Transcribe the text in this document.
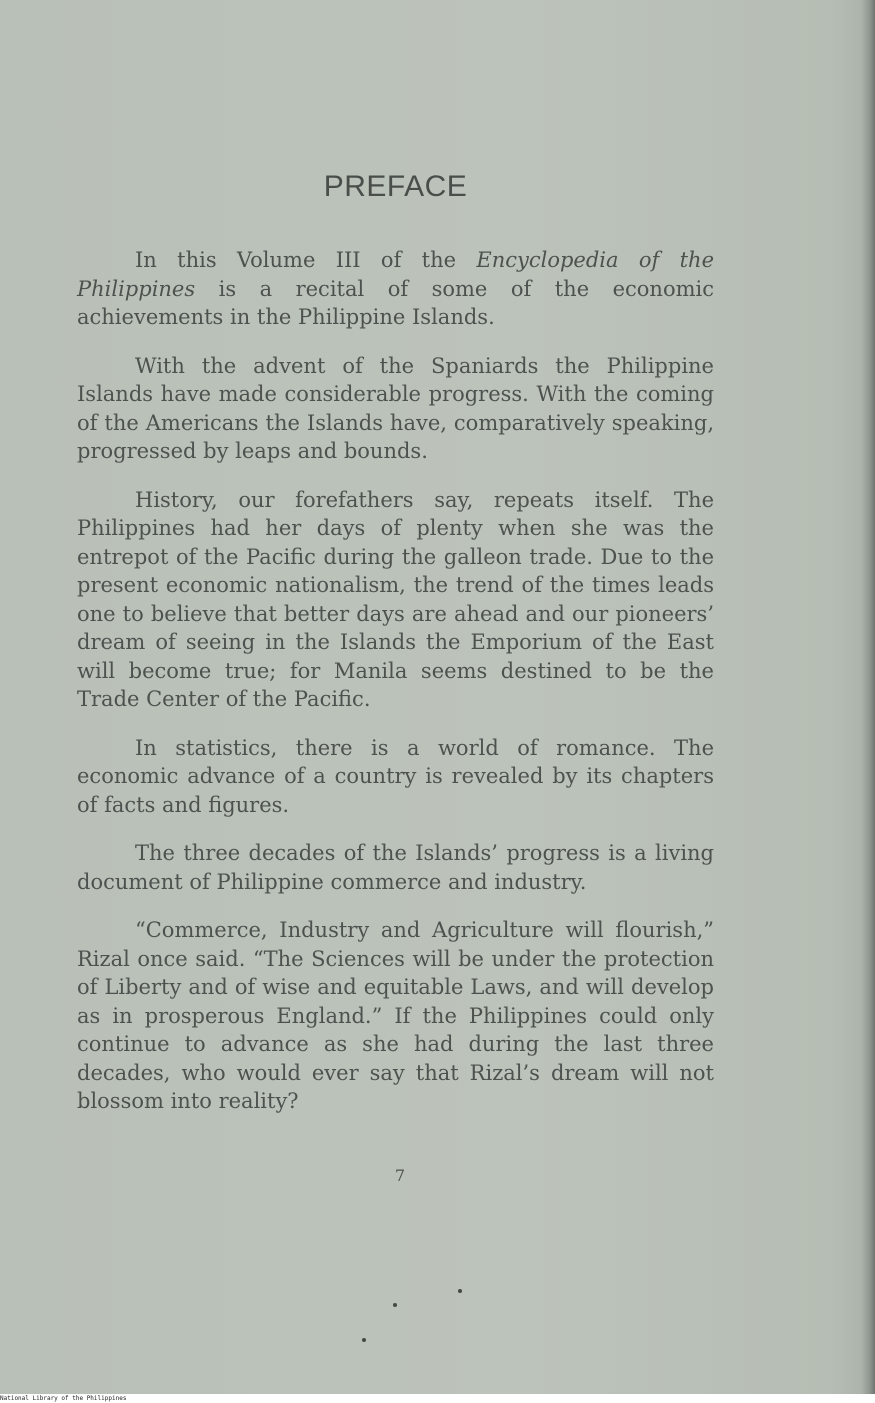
PREFACE

In this Volume III of the Encyclopedia of the Philippines is a recital of some of the economic achievements in the Philippine Islands.

With the advent of the Spaniards the Philippine Islands have made considerable progress. With the coming of the Americans the Islands have, comparatively speaking, progressed by leaps and bounds.

History, our forefathers say, repeats itself. The Philippines had her days of plenty when she was the entrepot of the Pacific during the galleon trade. Due to the present economic nationalism, the trend of the times leads one to believe that better days are ahead and our pioneers’ dream of seeing in the Islands the Emporium of the East will become true; for Manila seems destined to be the Trade Center of the Pacific.

In statistics, there is a world of romance. The economic advance of a country is revealed by its chapters of facts and figures.

The three decades of the Islands’ progress is a living document of Philippine commerce and industry.

“Commerce, Industry and Agriculture will flourish,” Rizal once said. “The Sciences will be under the protection of Liberty and of wise and equitable Laws, and will develop as in prosperous England.” If the Philippines could only continue to advance as she had during the last three decades, who would ever say that Rizal’s dream will not blossom into reality?

7
National Library of the Philippines
